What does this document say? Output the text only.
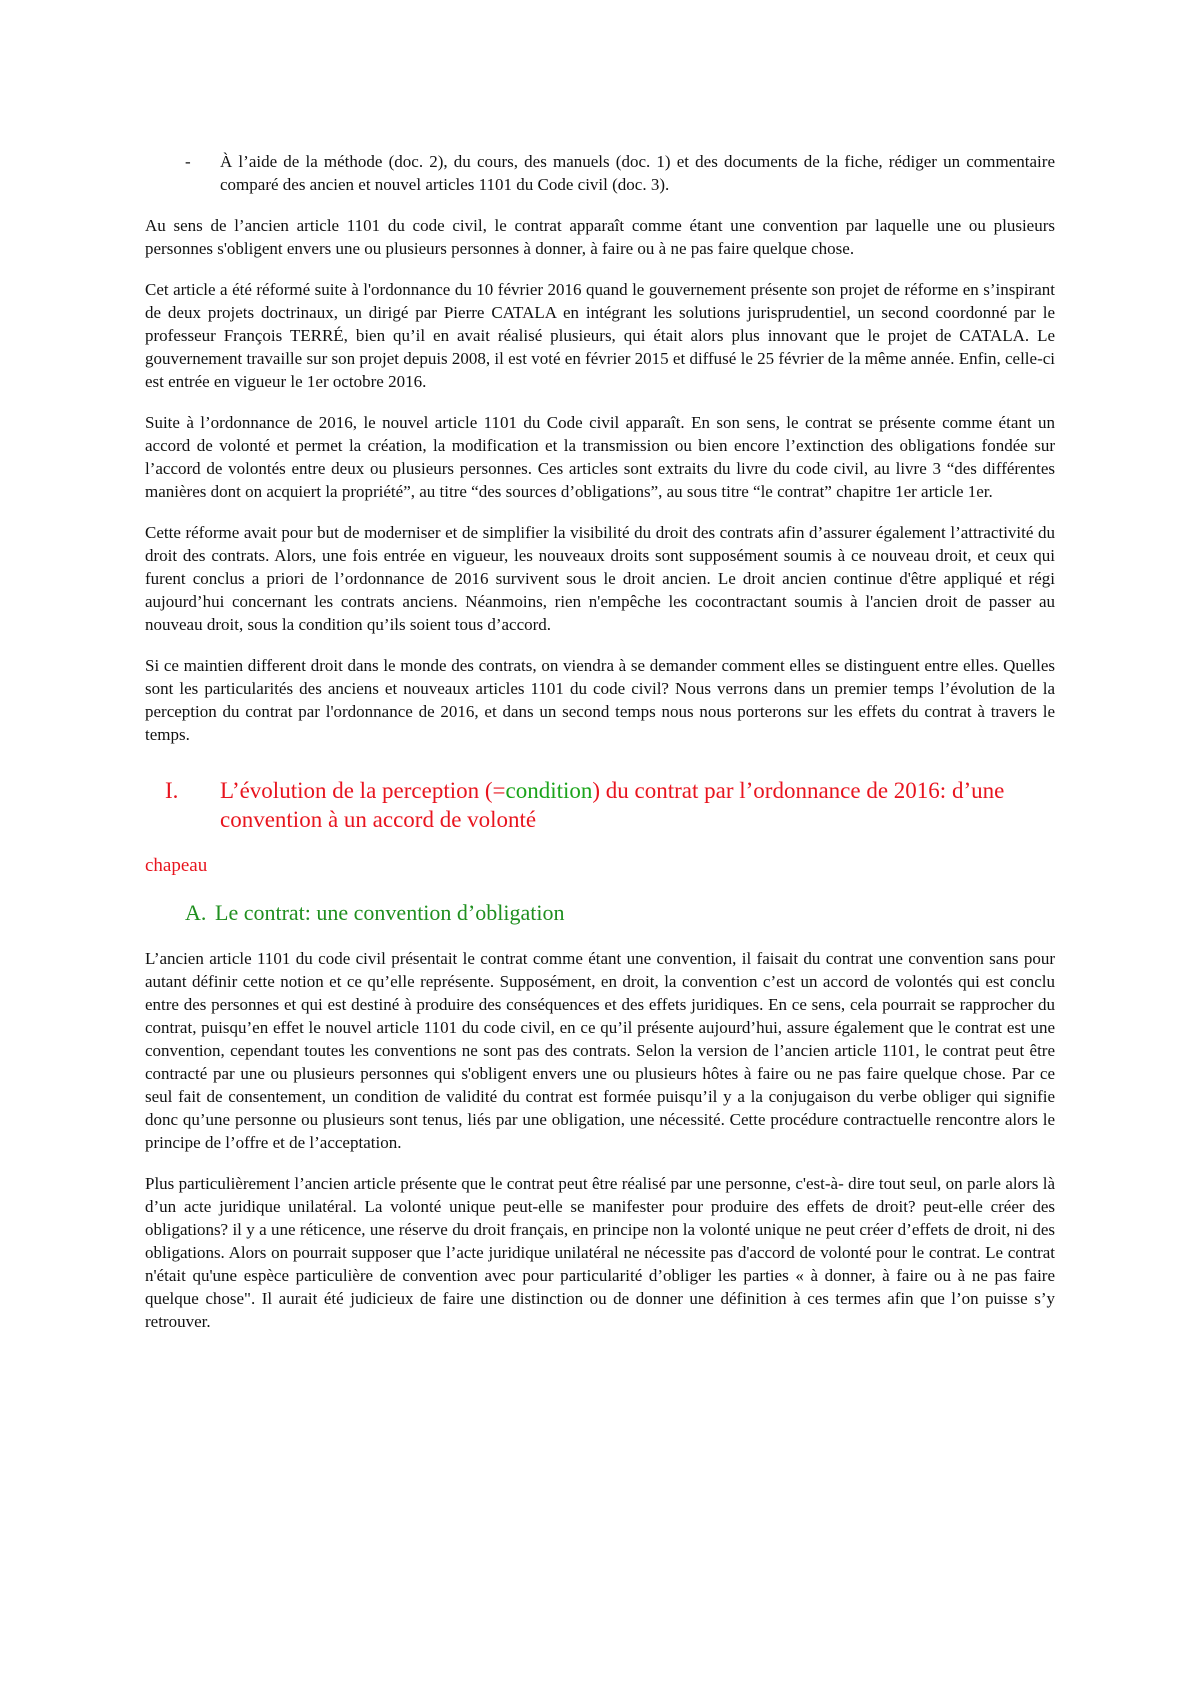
-	À l’aide de la méthode (doc. 2), du cours, des manuels (doc. 1) et des documents de la fiche, rédiger un commentaire comparé des ancien et nouvel articles 1101 du Code civil (doc. 3).

Au sens de l’ancien article 1101 du code civil, le contrat apparaît comme étant une convention par laquelle une ou plusieurs personnes s'obligent envers une ou plusieurs personnes à donner, à faire ou à ne pas faire quelque chose.

Cet article a été réformé suite à l'ordonnance du 10 février 2016 quand le gouvernement présente son projet de réforme en s’inspirant de deux projets doctrinaux, un dirigé par Pierre CATALA en intégrant les solutions jurisprudentiel, un second coordonné par le professeur François TERRÉ, bien qu’il en avait réalisé plusieurs, qui était alors plus innovant que le projet de CATALA. Le gouvernement travaille sur son projet depuis 2008, il est voté en février 2015 et diffusé le 25 février de la même année. Enfin, celle-ci est entrée en vigueur le 1er octobre 2016.

Suite à l’ordonnance de 2016, le nouvel article 1101 du Code civil apparaît. En son sens, le contrat se présente comme étant un accord de volonté et permet la création, la modification et la transmission ou bien encore l’extinction des obligations fondée sur l’accord de volontés entre deux ou plusieurs personnes. Ces articles sont extraits du livre du code civil, au livre 3 “des différentes manières dont on acquiert la propriété”, au titre “des sources d’obligations”, au sous titre “le contrat” chapitre 1er article 1er.

Cette réforme avait pour but de moderniser et de simplifier la visibilité du droit des contrats afin d’assurer également l’attractivité du droit des contrats. Alors, une fois entrée en vigueur, les nouveaux droits sont supposément soumis à ce nouveau droit, et ceux qui furent conclus a priori de l’ordonnance de 2016 survivent sous le droit ancien. Le droit ancien continue d'être appliqué et régi aujourd’hui concernant les contrats anciens. Néanmoins, rien n'empêche les cocontractant soumis à l'ancien droit de passer au nouveau droit, sous la condition qu’ils soient tous d’accord.

Si ce maintien different droit dans le monde des contrats, on viendra à se demander comment elles se distinguent entre elles. Quelles sont les particularités des anciens et nouveaux articles 1101 du code civil? Nous verrons dans un premier temps l’évolution de la perception du contrat par l'ordonnance de 2016, et dans un second temps nous nous porterons sur les effets du contrat à travers le temps.

I.	L’évolution de la perception (=condition) du contrat par l’ordonnance de 2016: d’une convention à un accord de volonté
chapeau
A. Le contrat: une convention d’obligation

L’ancien article 1101 du code civil présentait le contrat comme étant une convention, il faisait du contrat une convention sans pour autant définir cette notion et ce qu’elle représente. Supposément, en droit, la convention c’est un accord de volontés qui est conclu entre des personnes et qui est destiné à produire des conséquences et des effets juridiques. En ce sens, cela pourrait se rapprocher du contrat, puisqu’en effet le nouvel article 1101 du code civil, en ce qu’il présente aujourd’hui, assure également que le contrat est une convention, cependant toutes les conventions ne sont pas des contrats. Selon la version de l’ancien article 1101, le contrat peut être contracté par une ou plusieurs personnes qui s'obligent envers une ou plusieurs hôtes à faire ou ne pas faire quelque chose. Par ce seul fait de consentement, un condition de validité du contrat est formée puisqu’il y a la conjugaison du verbe obliger qui signifie donc qu’une personne ou plusieurs sont tenus, liés par une obligation, une nécessité. Cette procédure contractuelle rencontre alors le principe de l’offre et de l’acceptation.

Plus particulièrement l’ancien article présente que le contrat peut être réalisé par une personne, c'est-à- dire tout seul, on parle alors là d’un acte juridique unilatéral. La volonté unique peut-elle se manifester pour produire des effets de droit? peut-elle créer des obligations? il y a une réticence, une réserve du droit français, en principe non la volonté unique ne peut créer d’effets de droit, ni des obligations. Alors on pourrait supposer que l’acte juridique unilatéral ne nécessite pas d'accord de volonté pour le contrat. Le contrat n'était qu'une espèce particulière de convention avec pour particularité d’obliger les parties « à donner, à faire ou à ne pas faire quelque chose". Il aurait été judicieux de faire une distinction ou de donner une définition à ces termes afin que l’on puisse s’y retrouver.
